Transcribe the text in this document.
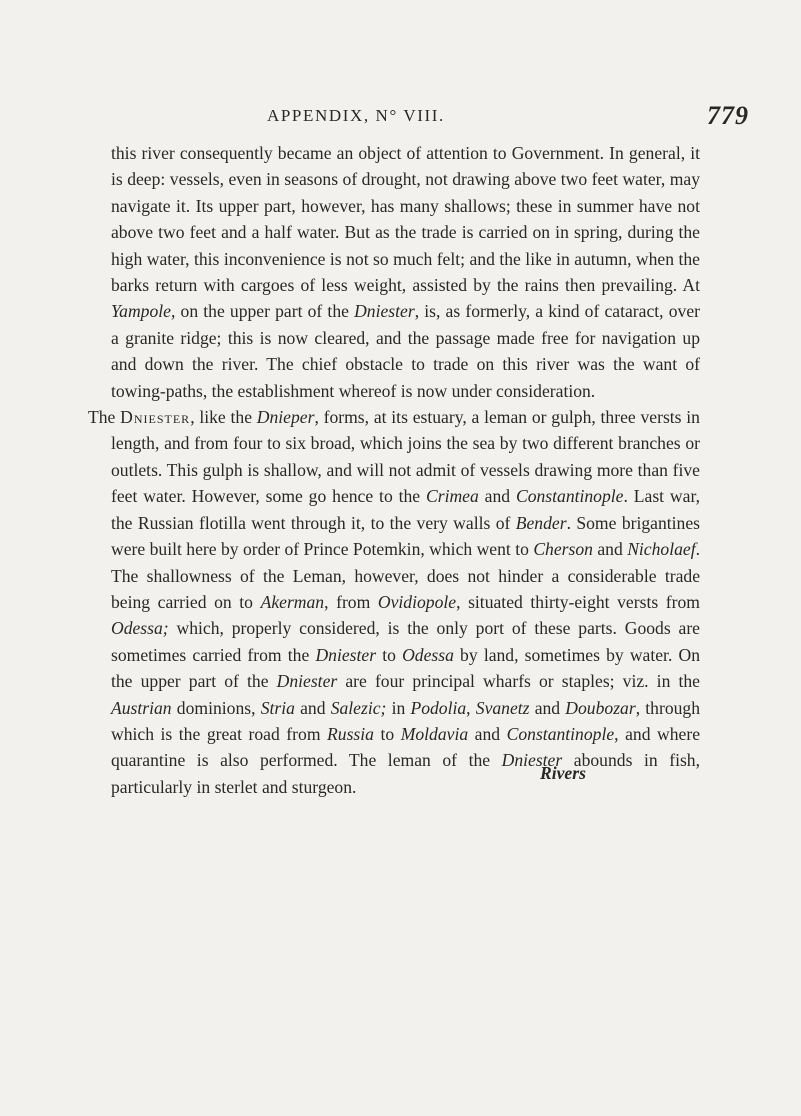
APPENDIX, N° VIII.	779

this river consequently became an object of attention to Government. In general, it is deep: vessels, even in seasons of drought, not drawing above two feet water, may navigate it. Its upper part, however, has many shallows; these in summer have not above two feet and a half water. But as the trade is carried on in spring, during the high water, this inconvenience is not so much felt; and the like in autumn, when the barks return with cargoes of less weight, assisted by the rains then prevailing. At Yampole, on the upper part of the Dniester, is, as formerly, a kind of cataract, over a granite ridge; this is now cleared, and the passage made free for navigation up and down the river. The chief obstacle to trade on this river was the want of towing-paths, the establishment whereof is now under consideration.

The Dniester, like the Dnieper, forms, at its estuary, a leman or gulph, three versts in length, and from four to six broad, which joins the sea by two different branches or outlets. This gulph is shallow, and will not admit of vessels drawing more than five feet water. However, some go hence to the Crimea and Constantinople. Last war, the Russian flotilla went through it, to the very walls of Bender. Some brigantines were built here by order of Prince Potemkin, which went to Cherson and Nicholaef. The shallowness of the Leman, however, does not hinder a considerable trade being carried on to Akerman, from Ovidiopole, situated thirty-eight versts from Odessa; which, properly considered, is the only port of these parts. Goods are sometimes carried from the Dniester to Odessa by land, sometimes by water. On the upper part of the Dniester are four principal wharfs or staples; viz. in the Austrian dominions, Stria and Salezic; in Podolia, Svanetz and Doubozar, through which is the great road from Russia to Moldavia and Constantinople, and where quarantine is also performed. The leman of the Dniester abounds in fish, particularly in sterlet and sturgeon.

Rivers
